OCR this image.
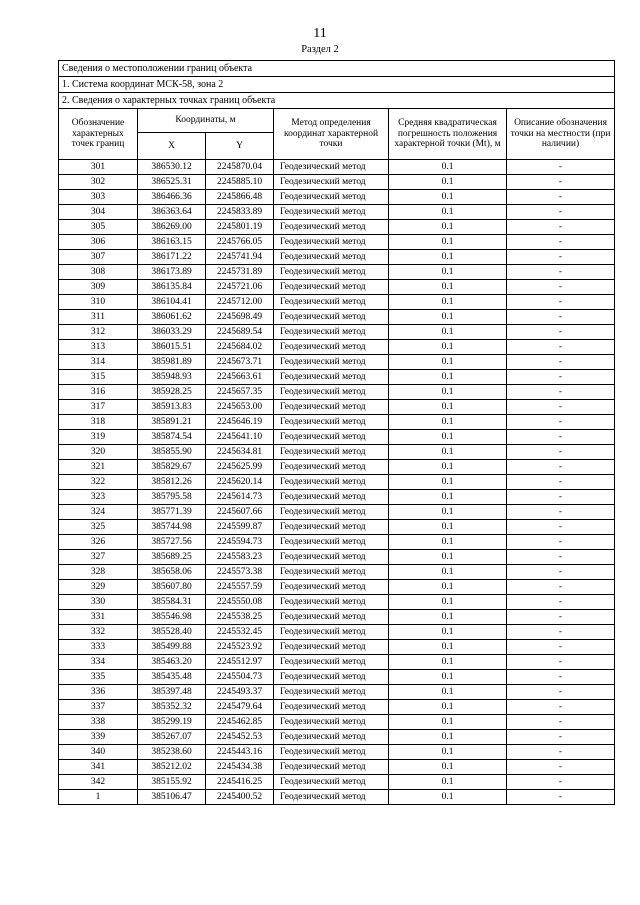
11
Раздел 2
Сведения о местоположении границ объекта					
1. Система координат МСК-58, зона 2					
2. Сведения о характерных точках границ объекта					
Обозначение характерных точек границ	Координаты, м		Метод определения координат характерной точки	Средняя квадратическая погрешность положения характерной точки (Mt), м	Описание обозначения точки на местности (при наличии)
	X	Y			
301	386530.12	2245870.04	Геодезический метод	0.1	-
302	386525.31	2245885.10	Геодезический метод	0.1	-
303	386466.36	2245866.48	Геодезический метод	0.1	-
304	386363.64	2245833.89	Геодезический метод	0.1	-
305	386269.00	2245801.19	Геодезический метод	0.1	-
306	386163.15	2245766.05	Геодезический метод	0.1	-
307	386171.22	2245741.94	Геодезический метод	0.1	-
308	386173.89	2245731.89	Геодезический метод	0.1	-
309	386135.84	2245721.06	Геодезический метод	0.1	-
310	386104.41	2245712.00	Геодезический метод	0.1	-
311	386061.62	2245698.49	Геодезический метод	0.1	-
312	386033.29	2245689.54	Геодезический метод	0.1	-
313	386015.51	2245684.02	Геодезический метод	0.1	-
314	385981.89	2245673.71	Геодезический метод	0.1	-
315	385948.93	2245663.61	Геодезический метод	0.1	-
316	385928.25	2245657.35	Геодезический метод	0.1	-
317	385913.83	2245653.00	Геодезический метод	0.1	-
318	385891.21	2245646.19	Геодезический метод	0.1	-
319	385874.54	2245641.10	Геодезический метод	0.1	-
320	385855.90	2245634.81	Геодезический метод	0.1	-
321	385829.67	2245625.99	Геодезический метод	0.1	-
322	385812.26	2245620.14	Геодезический метод	0.1	-
323	385795.58	2245614.73	Геодезический метод	0.1	-
324	385771.39	2245607.66	Геодезический метод	0.1	-
325	385744.98	2245599.87	Геодезический метод	0.1	-
326	385727.56	2245594.73	Геодезический метод	0.1	-
327	385689.25	2245583.23	Геодезический метод	0.1	-
328	385658.06	2245573.38	Геодезический метод	0.1	-
329	385607.80	2245557.59	Геодезический метод	0.1	-
330	385584.31	2245550.08	Геодезический метод	0.1	-
331	385546.98	2245538.25	Геодезический метод	0.1	-
332	385528.40	2245532.45	Геодезический метод	0.1	-
333	385499.88	2245523.92	Геодезический метод	0.1	-
334	385463.20	2245512.97	Геодезический метод	0.1	-
335	385435.48	2245504.73	Геодезический метод	0.1	-
336	385397.48	2245493.37	Геодезический метод	0.1	-
337	385352.32	2245479.64	Геодезический метод	0.1	-
338	385299.19	2245462.85	Геодезический метод	0.1	-
339	385267.07	2245452.53	Геодезический метод	0.1	-
340	385238.60	2245443.16	Геодезический метод	0.1	-
341	385212.02	2245434.38	Геодезический метод	0.1	-
342	385155.92	2245416.25	Геодезический метод	0.1	-
1	385106.47	2245400.52	Геодезический метод	0.1	-
